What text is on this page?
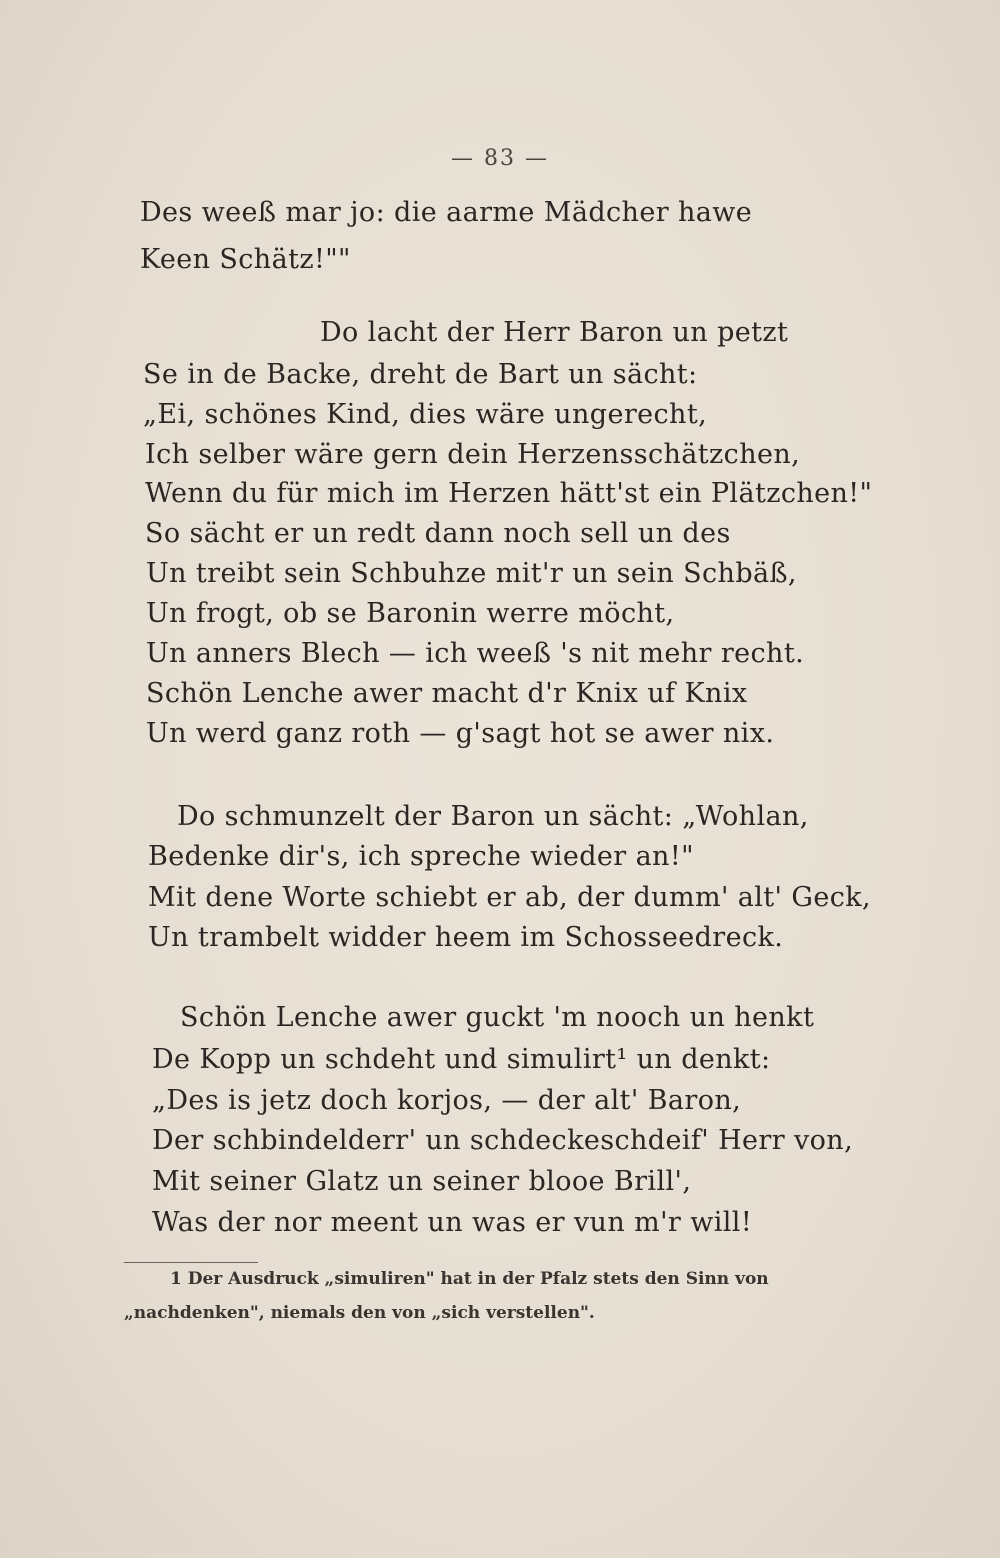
— 83 —
Des weeß mar jo: die aarme Mädcher hawe
Keen Schätz!""
Do lacht der Herr Baron un petzt
Se in de Backe, dreht de Bart un sächt:
„Ei, schönes Kind, dies wäre ungerecht,
Ich selber wäre gern dein Herzensschätzchen,
Wenn du für mich im Herzen hätt'st ein Plätzchen!"
So sächt er un redt dann noch sell un des
Un treibt sein Schbuhze mit'r un sein Schbäß,
Un frogt, ob se Baronin werre möcht,
Un anners Blech — ich weeß 's nit mehr recht.
Schön Lenche awer macht d'r Knix uf Knix
Un werd ganz roth — g'sagt hot se awer nix.
Do schmunzelt der Baron un sächt: „Wohlan,
Bedenke dir's, ich spreche wieder an!"
Mit dene Worte schiebt er ab, der dumm' alt' Geck,
Un trambelt widder heem im Schossеedreck.
Schön Lenche awer guckt 'm nooch un henkt
De Kopp un schdeht und simulirt¹ un denkt:
„Des is jetz doch korjos, — der alt' Baron,
Der schbindelderr' un schdeckeschdeif' Herr von,
Mit seiner Glatz un seiner blooe Brill',
Was der nor meent un was er vun m'r will!
1 Der Ausdruck „simuliren" hat in der Pfalz stets den Sinn von
„nachdenken", niemals den von „sich verstellen".
